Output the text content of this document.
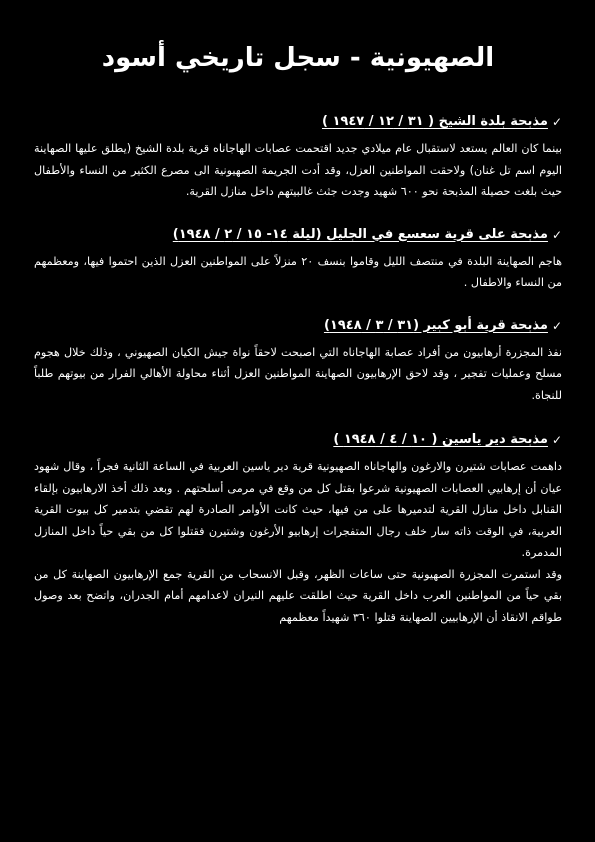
الصهيونية - سجل تاريخي أسود
✓
مذبحة بلدة الشيخ ( ٣١ / ١٢ / ١٩٤٧ )

بينما كان العالم يستعد لاستقبال عام ميلادي جديد اقتحمت عصابات الهاجاناه قرية بلدة الشيخ (يطلق عليها الصهاينة اليوم اسم تل غنان) ولاحقت المواطنين العزل، وقد أدت الجريمة الصهيونية الى مصرع الكثير من النساء والأطفال حيث بلغت حصيلة المذبحة نحو ٦٠٠ شهيد وجدت جثث غالبيتهم داخل منازل القرية.

✓
مذبحة على قرية سعسع في الجليل (ليلة ١٤- ١٥ / ٢ / ١٩٤٨)

هاجم الصهاينة البلدة في منتصف الليل وقاموا بنسف ٢٠ منزلاً على المواطنين العزل الذين احتموا فيها، ومعظمهم من النساء والاطفال .

✓
مذبحة قرية أبو كبير (٣١ / ٣ / ١٩٤٨)

نفذ المجزرة أرهابيون من أفراد عصابة الهاجاناه التي اصبحت لاحقاً نواة جيش الكيان الصهيوني ، وذلك خلال هجوم مسلح وعمليات تفجير ، وقد لاحق الإرهابيون الصهاينة المواطنين العزل أثناء محاولة الأهالي الفرار من بيوتهم طلباً للنجاة.

✓
مذبحة دير ياسين ( ١٠ / ٤ / ١٩٤٨ )

داهمت عصابات شتيرن والارغون والهاجاناه الصهيونية قرية دير ياسين العربية في الساعة الثانية فجراً ، وقال شهود عيان أن إرهابيي العصابات الصهيونية شرعوا بقتل كل من وقع في مرمى أسلحتهم . وبعد ذلك أخذ الارهابيون بإلقاء القنابل داخل منازل القرية لتدميرها على من فيها، حيث كانت الأوامر الصادرة لهم تقضي بتدمير كل بيوت القرية العربية، في الوقت ذاته سار خلف رجال المتفجرات إرهابيو الأرغون وشتيرن فقتلوا كل من بقي حياً داخل المنازل المدمرة.

وقد استمرت المجزرة الصهيونية حتى ساعات الظهر، وقبل الانسحاب من القرية جمع الإرهابيون الصهاينة كل من بقي حياً من المواطنين العرب داخل القرية حيث اطلقت عليهم النيران لاعدامهم أمام الجدران، واتضح بعد وصول طواقم الانقاذ أن الإرهابيين الصهاينة قتلوا ٣٦٠ شهيداً معظمهم
